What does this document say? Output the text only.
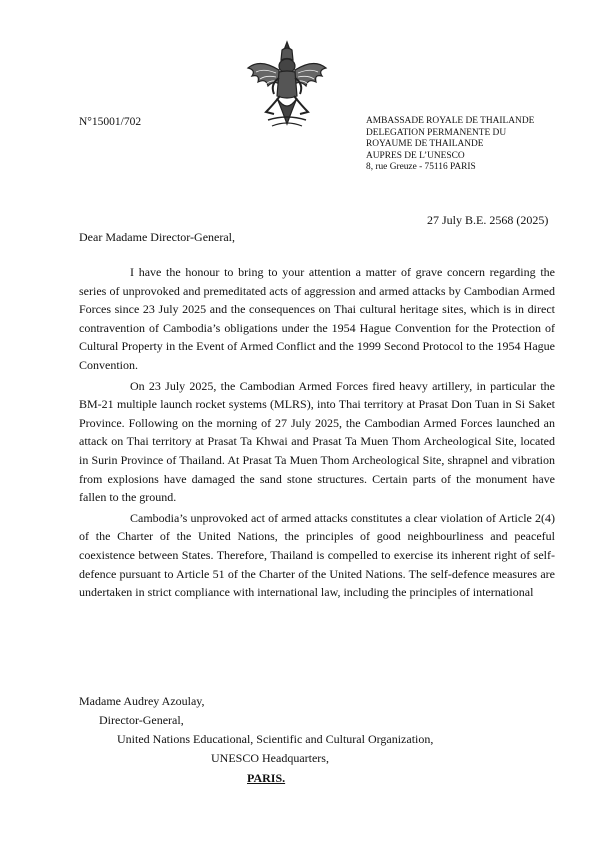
N°15001/702	AMBASSADE ROYALE DE THAILANDE
DELEGATION PERMANENTE DU
ROYAUME DE THAILANDE
AUPRES DE L’UNESCO
8, rue Greuze - 75116 PARIS
27 July B.E. 2568 (2025)
Dear Madame Director-General,

I have the honour to bring to your attention a matter of grave concern regarding the series of unprovoked and premeditated acts of aggression and armed attacks by Cambodian Armed Forces since 23 July 2025 and the consequences on Thai cultural heritage sites, which is in direct contravention of Cambodia’s obligations under the 1954 Hague Convention for the Protection of Cultural Property in the Event of Armed Conflict and the 1999 Second Protocol to the 1954 Hague Convention.

On 23 July 2025, the Cambodian Armed Forces fired heavy artillery, in particular the BM-21 multiple launch rocket systems (MLRS), into Thai territory at Prasat Don Tuan in Si Saket Province. Following on the morning of 27 July 2025, the Cambodian Armed Forces launched an attack on Thai territory at Prasat Ta Khwai and Prasat Ta Muen Thom Archeological Site, located in Surin Province of Thailand. At Prasat Ta Muen Thom Archeological Site, shrapnel and vibration from explosions have damaged the sand stone structures. Certain parts of the monument have fallen to the ground.

Cambodia’s unprovoked act of armed attacks constitutes a clear violation of Article 2(4) of the Charter of the United Nations, the principles of good neighbourliness and peaceful coexistence between States. Therefore, Thailand is compelled to exercise its inherent right of self-defence pursuant to Article 51 of the Charter of the United Nations. The self-defence measures are undertaken in strict compliance with international law, including the principles of international

Madame Audrey Azoulay,
Director-General,
United Nations Educational, Scientific and Cultural Organization,
UNESCO Headquarters,
PARIS.
